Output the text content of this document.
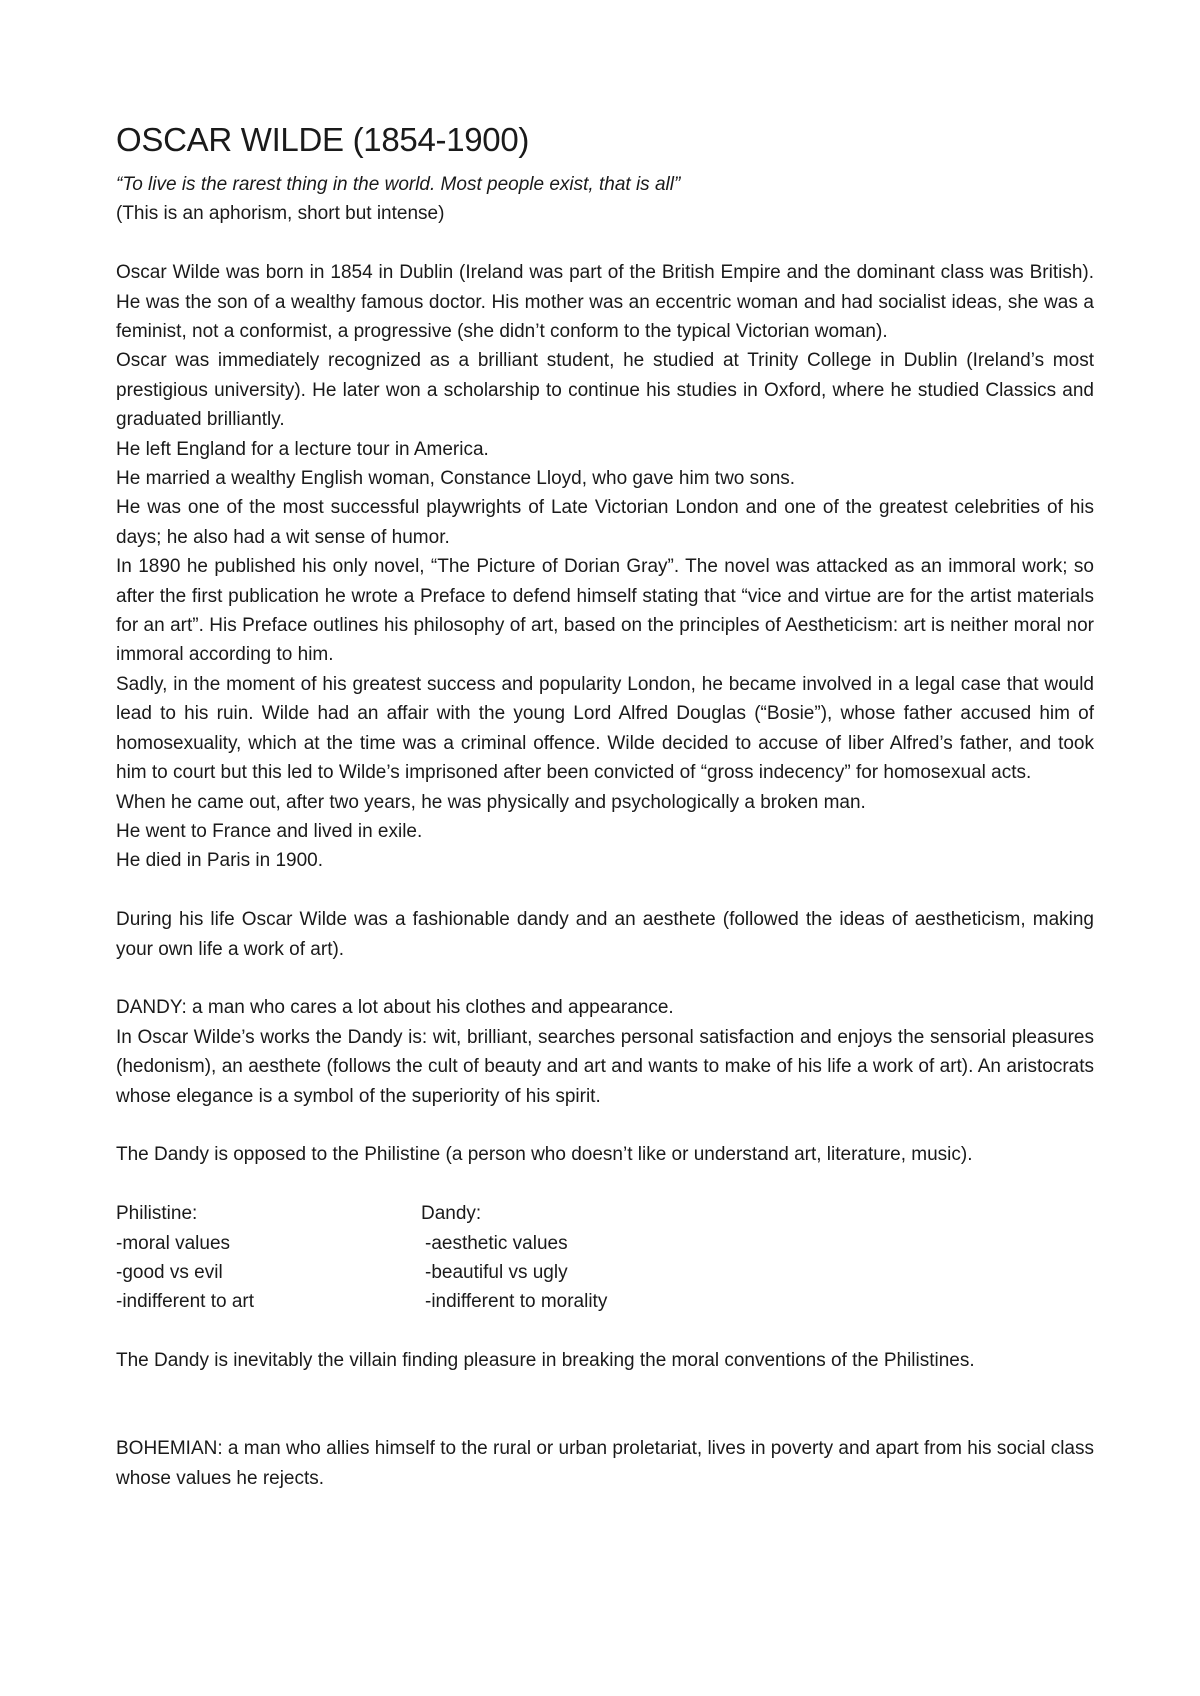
OSCAR WILDE (1854-1900)

“To live is the rarest thing in the world. Most people exist, that is all”

(This is an aphorism, short but intense)

Oscar Wilde was born in 1854 in Dublin (Ireland was part of the British Empire and the dominant class was British). He was the son of a wealthy famous doctor. His mother was an eccentric woman and had socialist ideas, she was a feminist, not a conformist, a progressive (she didn’t conform to the typical Victorian woman).

Oscar was immediately recognized as a brilliant student, he studied at Trinity College in Dublin (Ireland’s most prestigious university). He later won a scholarship to continue his studies in Oxford, where he studied Classics and graduated brilliantly.

He left England for a lecture tour in America.

He married a wealthy English woman, Constance Lloyd, who gave him two sons.

He was one of the most successful playwrights of Late Victorian London and one of the greatest celebrities of his days; he also had a wit sense of humor.

In 1890 he published his only novel, “The Picture of Dorian Gray”. The novel was attacked as an immoral work; so after the first publication he wrote a Preface to defend himself stating that “vice and virtue are for the artist materials for an art”. His Preface outlines his philosophy of art, based on the principles of Aestheticism: art is neither moral nor immoral according to him.

Sadly, in the moment of his greatest success and popularity London, he became involved in a legal case that would lead to his ruin. Wilde had an affair with the young Lord Alfred Douglas (“Bosie”), whose father accused him of homosexuality, which at the time was a criminal offence. Wilde decided to accuse of liber Alfred’s father, and took him to court but this led to Wilde’s imprisoned after been convicted of “gross indecency” for homosexual acts.

When he came out, after two years, he was physically and psychologically a broken man.

He went to France and lived in exile.

He died in Paris in 1900.

During his life Oscar Wilde was a fashionable dandy and an aesthete (followed the ideas of aestheticism, making your own life a work of art).

DANDY: a man who cares a lot about his clothes and appearance.

In Oscar Wilde’s works the Dandy is: wit, brilliant, searches personal satisfaction and enjoys the sensorial pleasures (hedonism), an aesthete (follows the cult of beauty and art and wants to make of his life a work of art). An aristocrats whose elegance is a symbol of the superiority of his spirit.

The Dandy is opposed to the Philistine (a person who doesn’t like or understand art, literature, music).

Philistine:
-moral values
-good vs evil
-indifferent to art
Dandy:
-aesthetic values
-beautiful vs ugly
-indifferent to morality

The Dandy is inevitably the villain finding pleasure in breaking the moral conventions of the Philistines.

BOHEMIAN: a man who allies himself to the rural or urban proletariat, lives in poverty and apart from his social class whose values he rejects.
